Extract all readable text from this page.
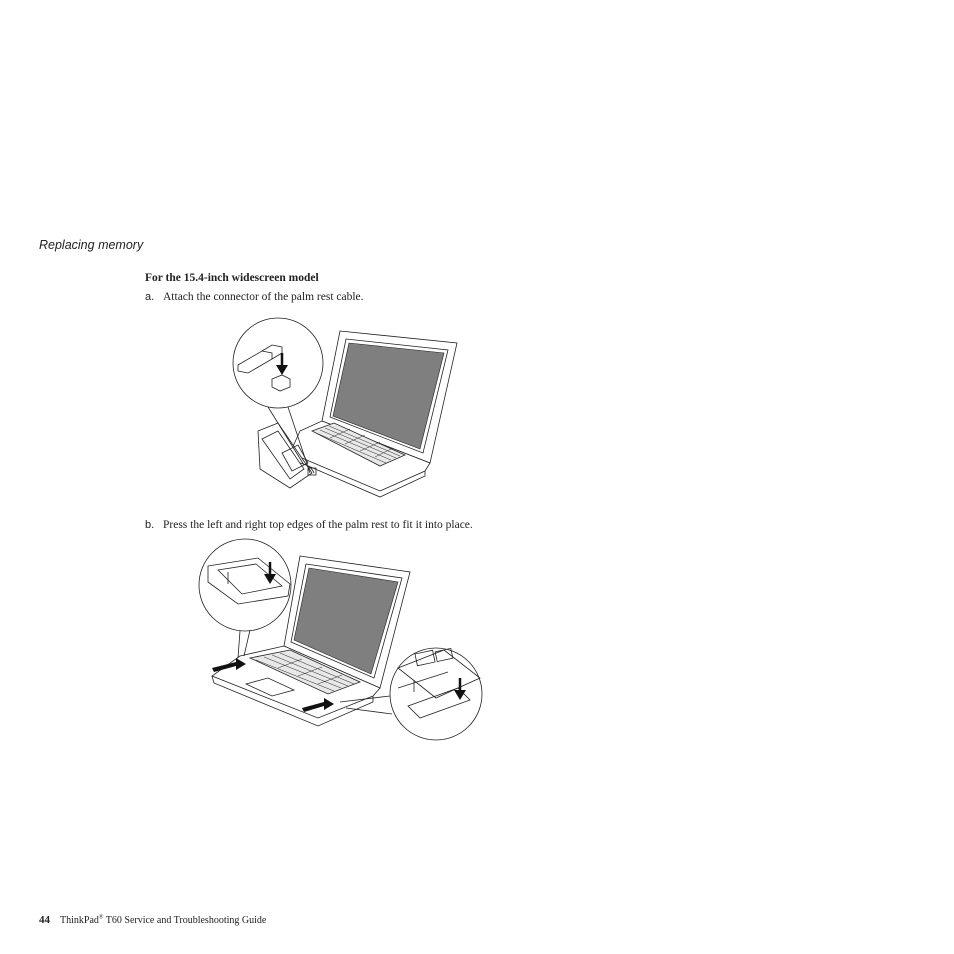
Replacing memory
For the 15.4-inch widescreen model
a. Attach the connector of the palm rest cable.
b. Press the left and right top edges of the palm rest to fit it into place.
44 ThinkPad® T60 Service and Troubleshooting Guide
